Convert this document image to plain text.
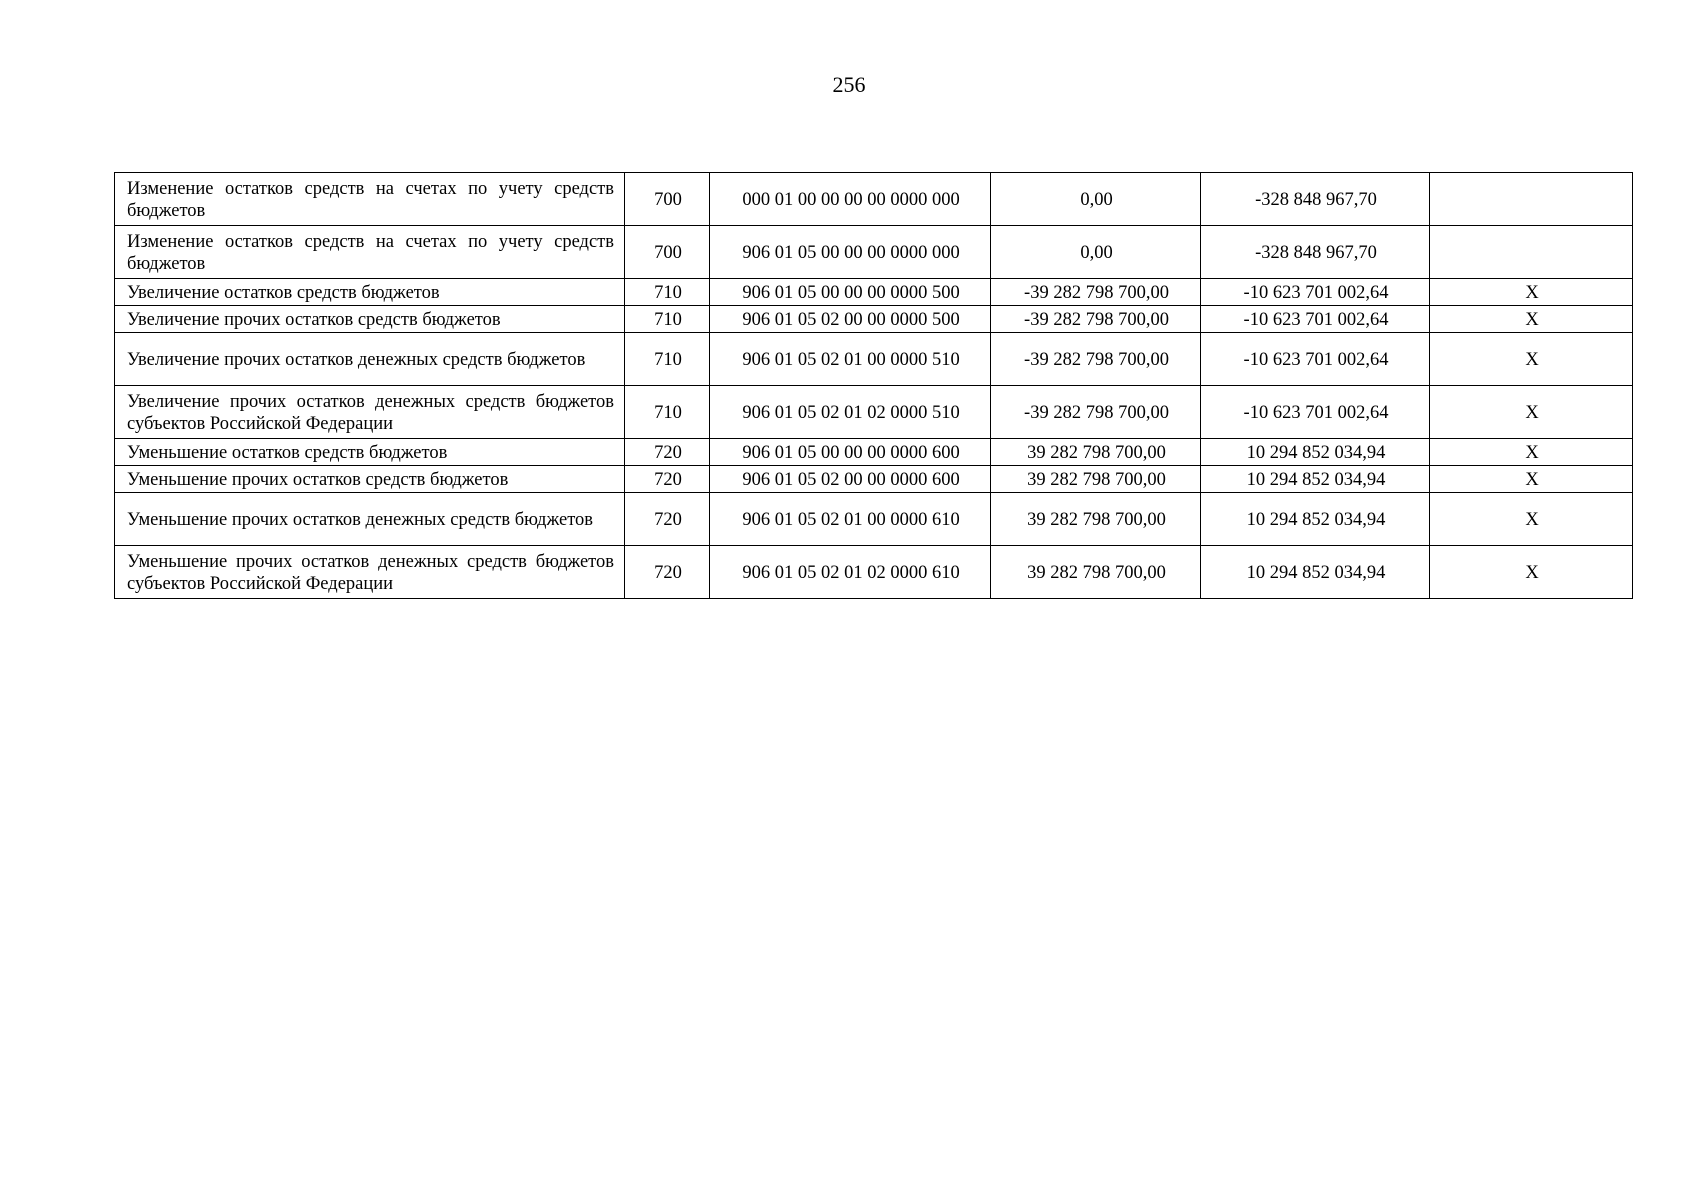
256
Изменение остатков средств на счетах по учету средств бюджетов	700	000 01 00 00 00 00 0000 000	0,00	-328 848 967,70	
Изменение остатков средств на счетах по учету средств бюджетов	700	906 01 05 00 00 00 0000 000	0,00	-328 848 967,70	
Увеличение остатков средств бюджетов	710	906 01 05 00 00 00 0000 500	-39 282 798 700,00	-10 623 701 002,64	X
Увеличение прочих остатков средств бюджетов	710	906 01 05 02 00 00 0000 500	-39 282 798 700,00	-10 623 701 002,64	X
Увеличение прочих остатков денежных средств бюджетов	710	906 01 05 02 01 00 0000 510	-39 282 798 700,00	-10 623 701 002,64	X
Увеличение прочих остатков денежных средств бюджетов субъектов Российской Федерации	710	906 01 05 02 01 02 0000 510	-39 282 798 700,00	-10 623 701 002,64	X
Уменьшение остатков средств бюджетов	720	906 01 05 00 00 00 0000 600	39 282 798 700,00	10 294 852 034,94	X
Уменьшение прочих остатков средств бюджетов	720	906 01 05 02 00 00 0000 600	39 282 798 700,00	10 294 852 034,94	X
Уменьшение прочих остатков денежных средств бюджетов	720	906 01 05 02 01 00 0000 610	39 282 798 700,00	10 294 852 034,94	X
Уменьшение прочих остатков денежных средств бюджетов субъектов Российской Федерации	720	906 01 05 02 01 02 0000 610	39 282 798 700,00	10 294 852 034,94	X
